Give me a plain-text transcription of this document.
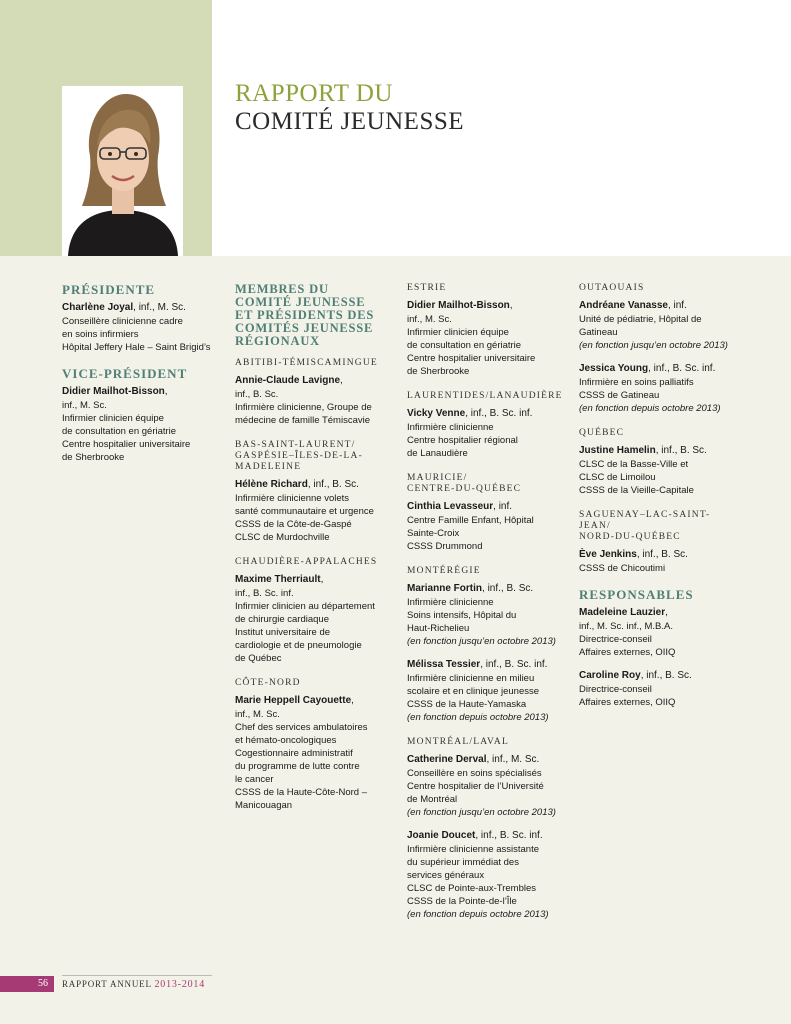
RAPPORT DU
COMITÉ JEUNESSE
PRÉSIDENTE
Charlène Joyal, inf., M. Sc.
Conseillère clinicienne cadre
en soins infirmiers
Hôpital Jeffery Hale – Saint Brigid’s
VICE-PRÉSIDENT
Didier Mailhot-Bisson,
inf., M. Sc.
Infirmier clinicien équipe
de consultation en gériatrie
Centre hospitalier universitaire
de Sherbrooke
MEMBRES DU
COMITÉ JEUNESSE
ET PRÉSIDENTS DES
COMITÉS JEUNESSE
RÉGIONAUX
ABITIBI-TÉMISCAMINGUE
Annie-Claude Lavigne,
inf., B. Sc.
Infirmière clinicienne, Groupe de
médecine de famille Témiscavie
BAS-SAINT-LAURENT/
GASPÉSIE–ÎLES-DE-LA-
MADELEINE
Hélène Richard, inf., B. Sc.
Infirmière clinicienne volets
santé communautaire et urgence
CSSS de la Côte-de-Gaspé
CLSC de Murdochville
CHAUDIÈRE-APPALACHES
Maxime Therriault,
inf., B. Sc. inf.
Infirmier clinicien au département
de chirurgie cardiaque
Institut universitaire de
cardiologie et de pneumologie
de Québec
CÔTE-NORD
Marie Heppell Cayouette,
inf., M. Sc.
Chef des services ambulatoires
et hémato-oncologiques
Cogestionnaire administratif
du programme de lutte contre
le cancer
CSSS de la Haute-Côte-Nord –
Manicouagan
ESTRIE
Didier Mailhot-Bisson,
inf., M. Sc.
Infirmier clinicien équipe
de consultation en gériatrie
Centre hospitalier universitaire
de Sherbrooke
LAURENTIDES/LANAUDIÈRE
Vicky Venne, inf., B. Sc. inf.
Infirmière clinicienne
Centre hospitalier régional
de Lanaudière
MAURICIE/
CENTRE-DU-QUÉBEC
Cinthia Levasseur, inf.
Centre Famille Enfant, Hôpital
Sainte-Croix
CSSS Drummond
MONTÉRÉGIE
Marianne Fortin, inf., B. Sc.
Infirmière clinicienne
Soins intensifs, Hôpital du
Haut-Richelieu
(en fonction jusqu’en octobre 2013)
Mélissa Tessier, inf., B. Sc. inf.
Infirmière clinicienne en milieu
scolaire et en clinique jeunesse
CSSS de la Haute-Yamaska
(en fonction depuis octobre 2013)
MONTRÉAL/LAVAL
Catherine Derval, inf., M. Sc.
Conseillère en soins spécialisés
Centre hospitalier de l’Université
de Montréal
(en fonction jusqu’en octobre 2013)
Joanie Doucet, inf., B. Sc. inf.
Infirmière clinicienne assistante
du supérieur immédiat des
services généraux
CLSC de Pointe-aux-Trembles
CSSS de la Pointe-de-l’Île
(en fonction depuis octobre 2013)
OUTAOUAIS
Andréane Vanasse, inf.
Unité de pédiatrie, Hôpital de
Gatineau
(en fonction jusqu’en octobre 2013)
Jessica Young, inf., B. Sc. inf.
Infirmière en soins palliatifs
CSSS de Gatineau
(en fonction depuis octobre 2013)
QUÉBEC
Justine Hamelin, inf., B. Sc.
CLSC de la Basse-Ville et
CLSC de Limoilou
CSSS de la Vieille-Capitale
SAGUENAY–LAC-SAINT-JEAN/
NORD-DU-QUÉBEC
Ève Jenkins, inf., B. Sc.
CSSS de Chicoutimi
RESPONSABLES
Madeleine Lauzier,
inf., M. Sc. inf., M.B.A.
Directrice-conseil
Affaires externes, OIIQ
Caroline Roy, inf., B. Sc.
Directrice-conseil
Affaires externes, OIIQ
56	RAPPORT ANNUEL 2013-2014
